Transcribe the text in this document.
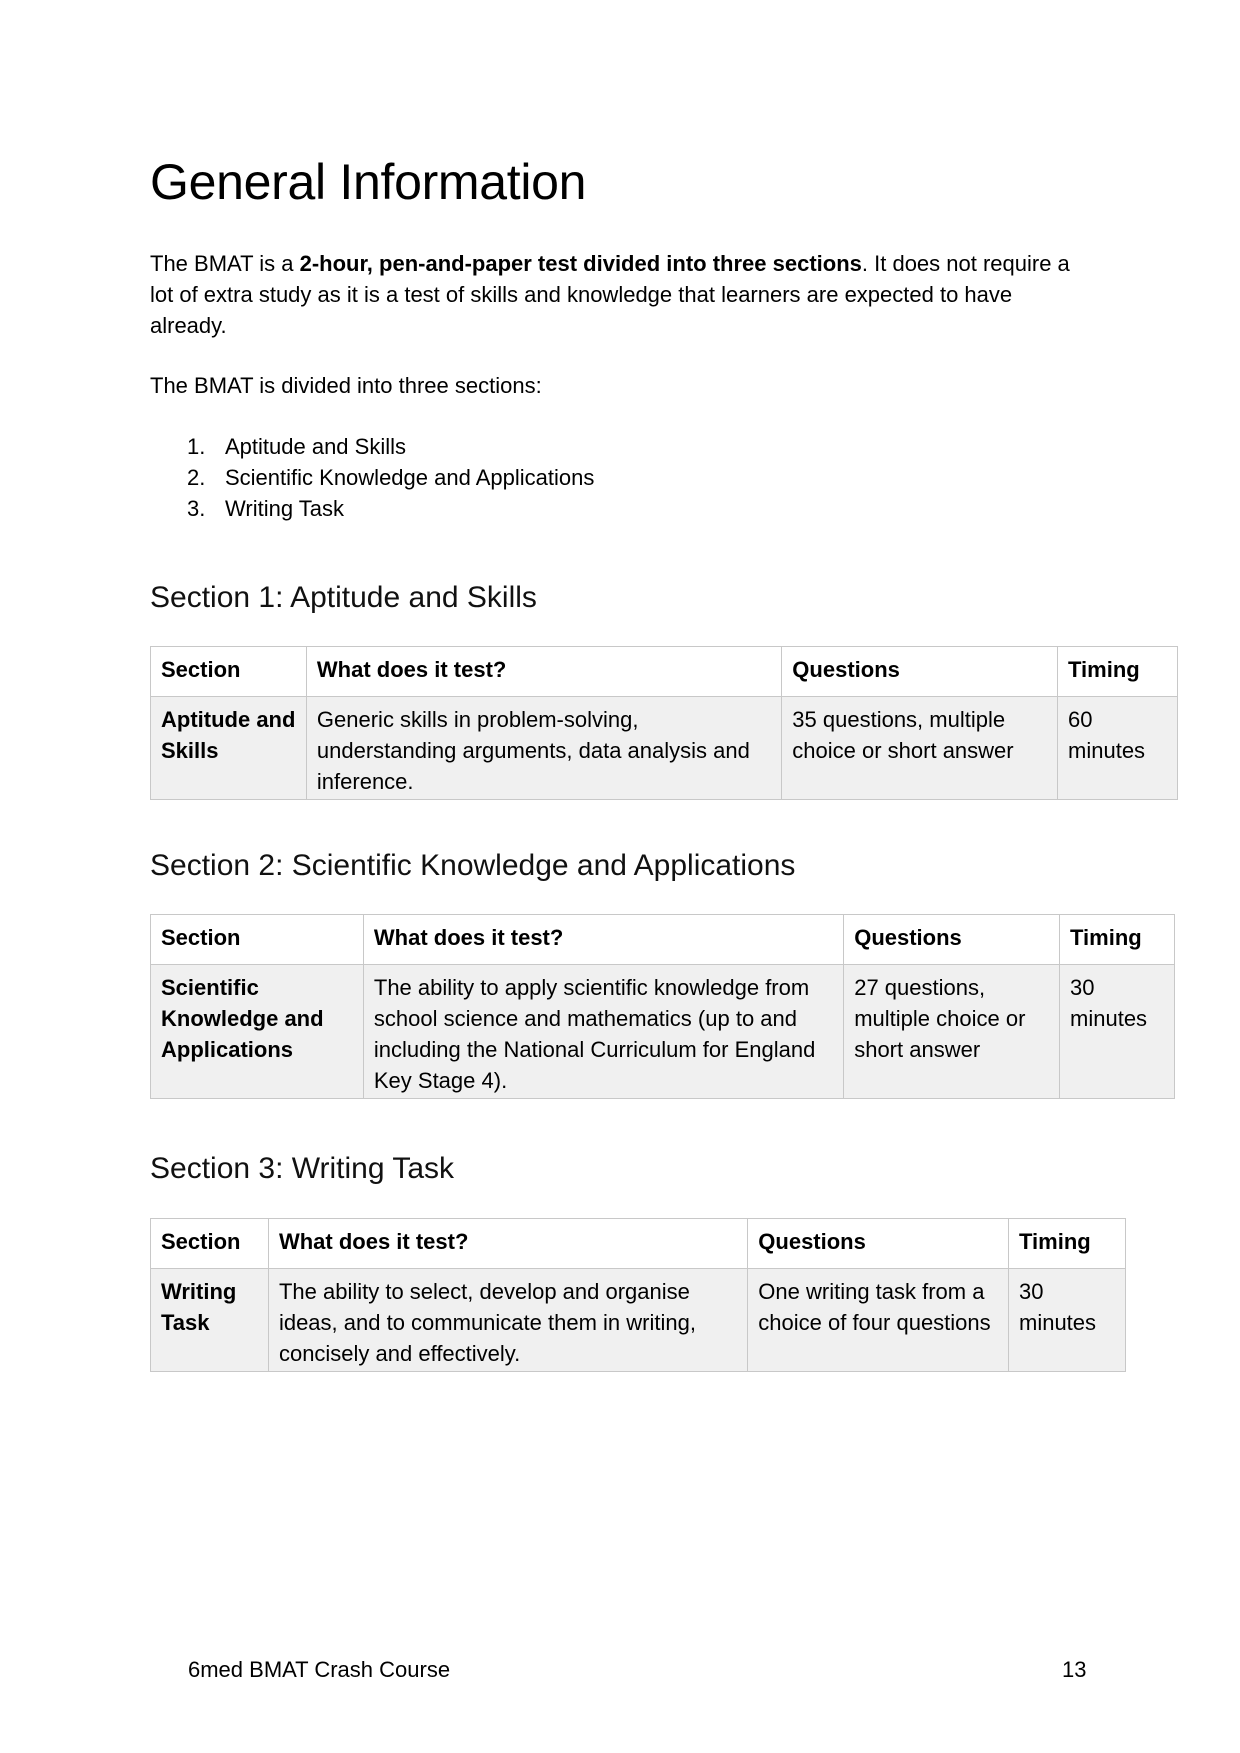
General Information

The BMAT is a 2-hour, pen-and-paper test divided into three sections. It does not require a lot of extra study as it is a test of skills and knowledge that learners are expected to have already.

The BMAT is divided into three sections:

1. Aptitude and Skills
2. Scientific Knowledge and Applications
3. Writing Task
Section 1: Aptitude and Skills
Section	What does it test?	Questions	Timing
Aptitude and Skills	Generic skills in problem-solving, understanding arguments, data analysis and inference.	35 questions, multiple choice or short answer	60 minutes
Section 2: Scientific Knowledge and Applications
Section	What does it test?	Questions	Timing
Scientific Knowledge and Applications	The ability to apply scientific knowledge from school science and mathematics (up to and including the National Curriculum for England Key Stage 4).	27 questions, multiple choice or short answer	30 minutes
Section 3: Writing Task
Section	What does it test?	Questions	Timing
Writing Task	The ability to select, develop and organise ideas, and to communicate them in writing, concisely and effectively.	One writing task from a choice of four questions	30 minutes
6med BMAT Crash Course	13
